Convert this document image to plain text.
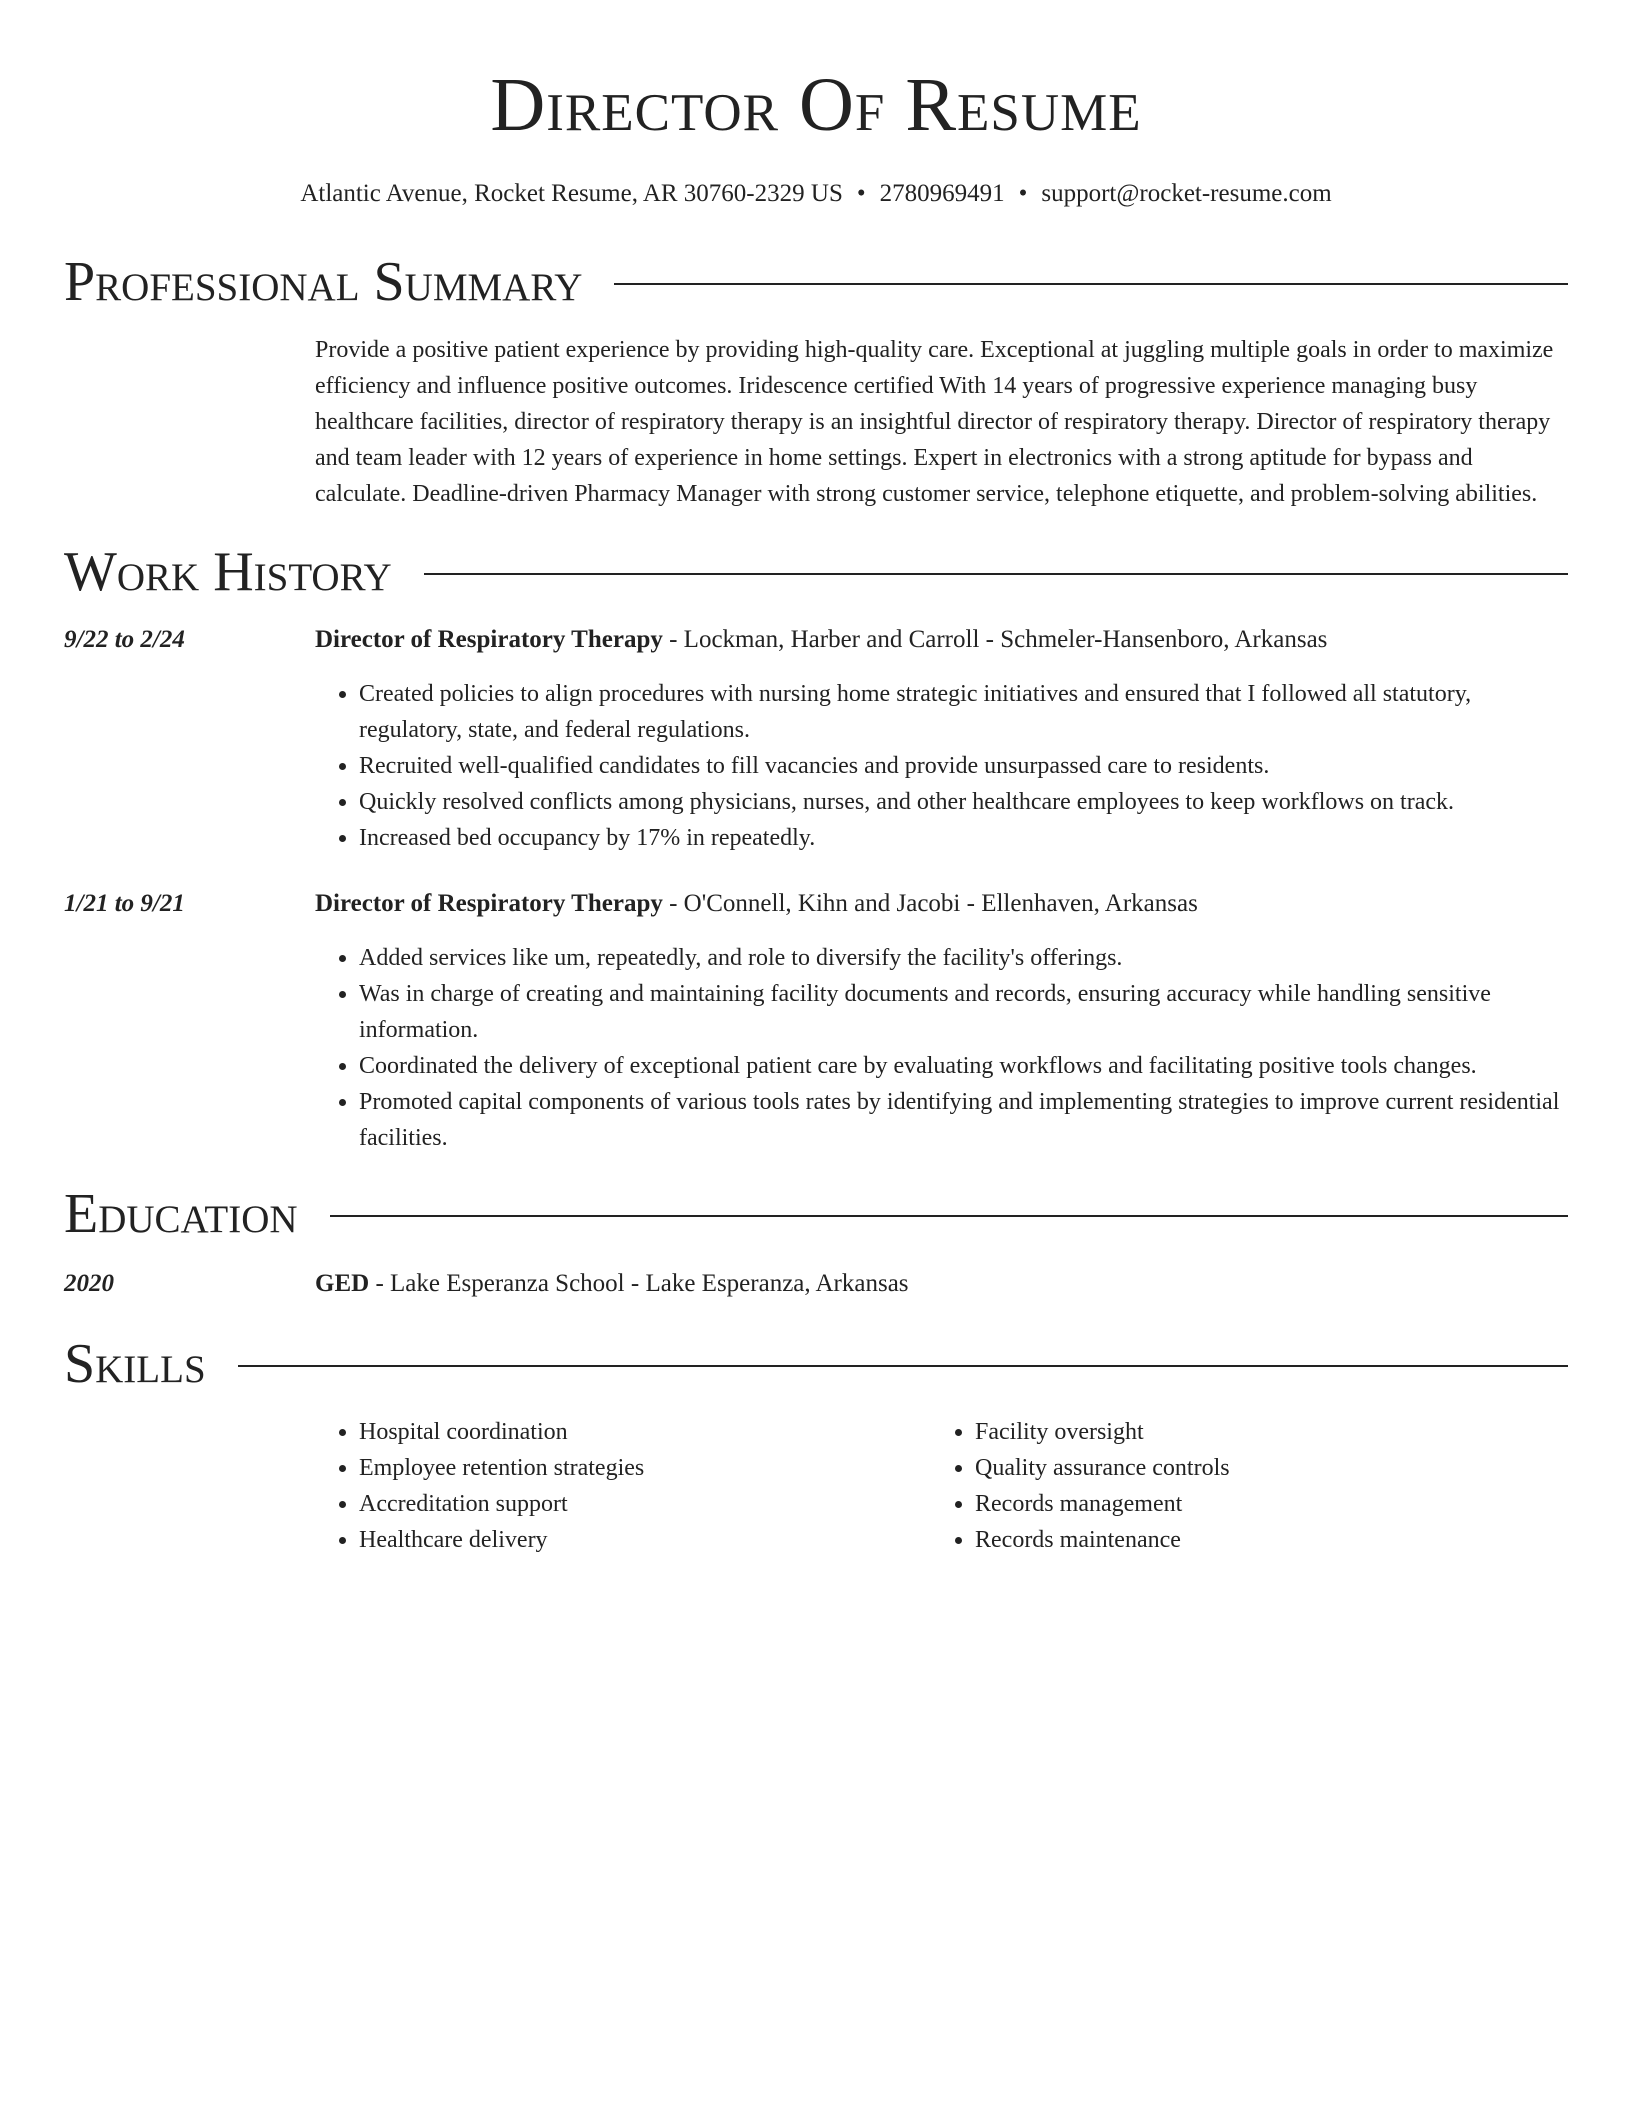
Director Of Resume
Atlantic Avenue, Rocket Resume, AR 30760-2329 US • 2780969491 • support@rocket-resume.com
Professional Summary
Provide a positive patient experience by providing high-quality care. Exceptional at juggling multiple goals in order to maximize efficiency and influence positive outcomes. Iridescence certified With 14 years of progressive experience managing busy healthcare facilities, director of respiratory therapy is an insightful director of respiratory therapy. Director of respiratory therapy and team leader with 12 years of experience in home settings. Expert in electronics with a strong aptitude for bypass and calculate. Deadline-driven Pharmacy Manager with strong customer service, telephone etiquette, and problem-solving abilities.
Work History
9/22 to 2/24	Director of Respiratory Therapy - Lockman, Harber and Carroll - Schmeler-Hansenboro, Arkansas
• Created policies to align procedures with nursing home strategic initiatives and ensured that I followed all statutory, regulatory, state, and federal regulations.
• Recruited well-qualified candidates to fill vacancies and provide unsurpassed care to residents.
• Quickly resolved conflicts among physicians, nurses, and other healthcare employees to keep workflows on track.
• Increased bed occupancy by 17% in repeatedly.
1/21 to 9/21	Director of Respiratory Therapy - O'Connell, Kihn and Jacobi - Ellenhaven, Arkansas
• Added services like um, repeatedly, and role to diversify the facility's offerings.
• Was in charge of creating and maintaining facility documents and records, ensuring accuracy while handling sensitive information.
• Coordinated the delivery of exceptional patient care by evaluating workflows and facilitating positive tools changes.
• Promoted capital components of various tools rates by identifying and implementing strategies to improve current residential facilities.
Education
2020	GED - Lake Esperanza School - Lake Esperanza, Arkansas
Skills
• Hospital coordination
• Employee retention strategies
• Accreditation support
• Healthcare delivery
• Facility oversight
• Quality assurance controls
• Records management
• Records maintenance
